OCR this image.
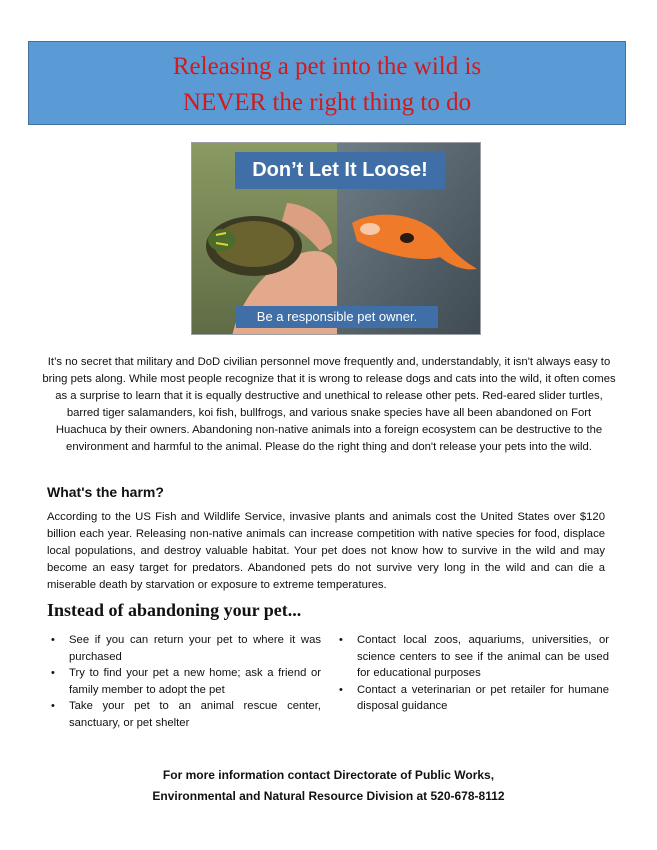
Releasing a pet into the wild is
NEVER the right thing to do
Don’t Let It Loose!
Be a responsible pet owner.
It’s no secret that military and DoD civilian personnel move frequently and, understandably, it isn't always easy to bring pets along. While most people recognize that it is wrong to release dogs and cats into the wild, it often comes as a surprise to learn that it is equally destructive and unethical to release other pets. Red-eared slider turtles, barred tiger salamanders, koi fish, bullfrogs, and various snake species have all been abandoned on Fort Huachuca by their owners. Abandoning non-native animals into a foreign ecosystem can be destructive to the environment and harmful to the animal. Please do the right thing and don't release your pets into the wild.
What's the harm?
According to the US Fish and Wildlife Service, invasive plants and animals cost the United States over $120 billion each year. Releasing non-native animals can increase competition with native species for food, displace local populations, and destroy valuable habitat. Your pet does not know how to survive in the wild and may become an easy target for predators. Abandoned pets do not survive very long in the wild and can die a miserable death by starvation or exposure to extreme temperatures.
Instead of abandoning your pet...
• See if you can return your pet to where it was purchased
• Try to find your pet a new home; ask a friend or family member to adopt the pet
• Take your pet to an animal rescue center, sanctuary, or pet shelter
• Contact local zoos, aquariums, universities, or science centers to see if the animal can be used for educational purposes
• Contact a veterinarian or pet retailer for humane disposal guidance
For more information contact Directorate of Public Works,
Environmental and Natural Resource Division at 520-678-8112
